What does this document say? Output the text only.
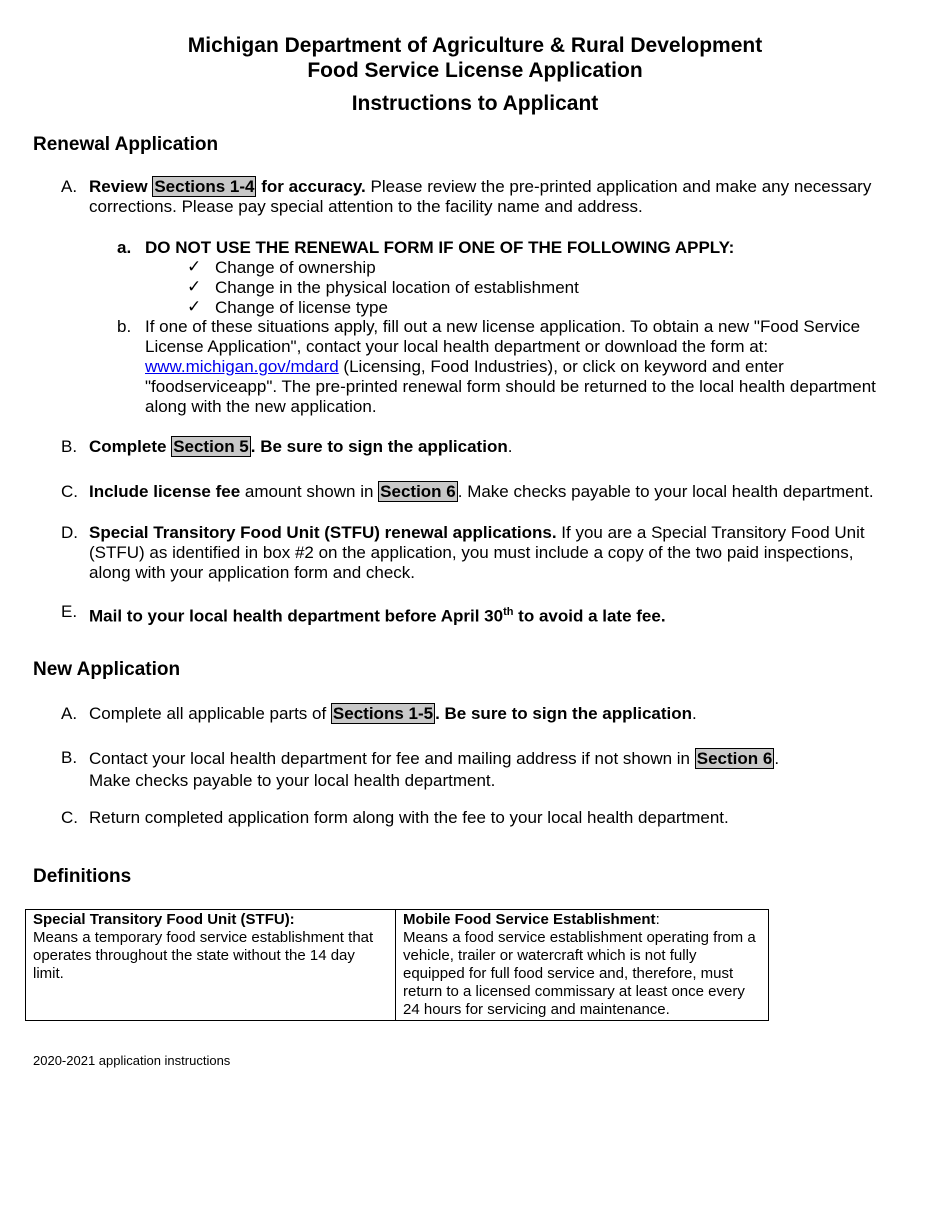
Michigan Department of Agriculture & Rural Development
Food Service License Application
Instructions to Applicant
Renewal Application
A. Review Sections 1-4 for accuracy. Please review the pre-printed application and make any necessary corrections. Please pay special attention to the facility name and address.
a. DO NOT USE THE RENEWAL FORM IF ONE OF THE FOLLOWING APPLY:
✓ Change of ownership
✓ Change in the physical location of establishment
✓ Change of license type
b. If one of these situations apply, fill out a new license application. To obtain a new "Food Service License Application", contact your local health department or download the form at: www.michigan.gov/mdard (Licensing, Food Industries), or click on keyword and enter "foodserviceapp". The pre-printed renewal form should be returned to the local health department along with the new application.
B. Complete Section 5 . Be sure to sign the application.
C. Include license fee amount shown in Section 6 . Make checks payable to your local health department.
D. Special Transitory Food Unit (STFU) renewal applications. If you are a Special Transitory Food Unit (STFU) as identified in box #2 on the application, you must include a copy of the two paid inspections, along with your application form and check.
E. Mail to your local health department before April 30th to avoid a late fee.
New Application
A. Complete all applicable parts of Sections 1-5 . Be sure to sign the application.
B. Contact your local health department for fee and mailing address if not shown in Section 6 .
Make checks payable to your local health department.
C. Return completed application form along with the fee to your local health department.
Definitions
Special Transitory Food Unit (STFU):
Means a temporary food service establishment that operates throughout the state without the 14 day limit.

Mobile Food Service Establishment:
Means a food service establishment operating from a vehicle, trailer or watercraft which is not fully equipped for full food service and, therefore, must return to a licensed commissary at least once every 24 hours for servicing and maintenance.
2020-2021 application instructions
